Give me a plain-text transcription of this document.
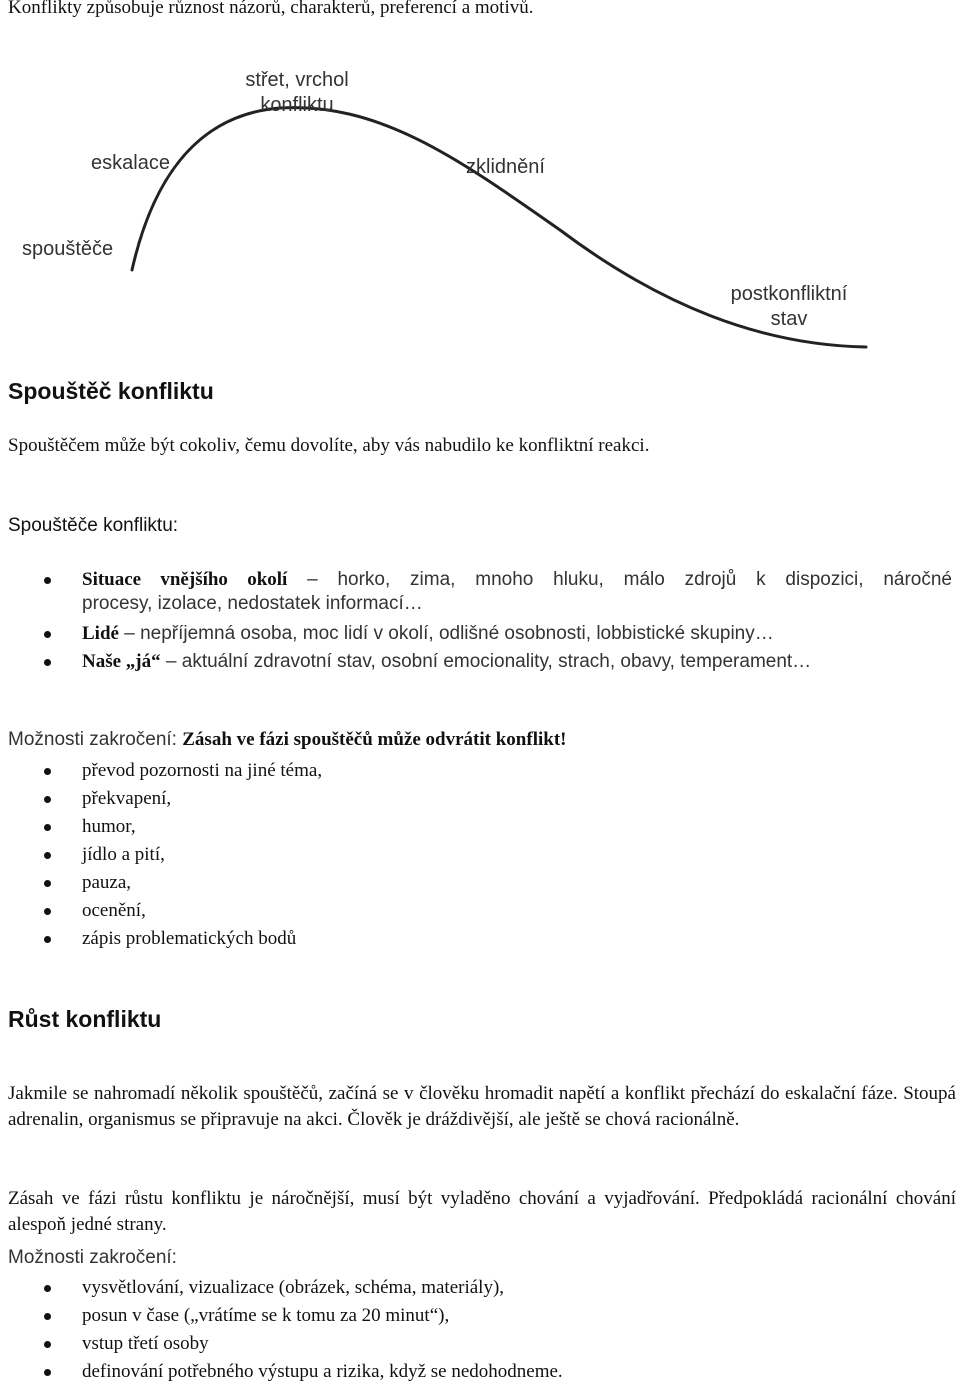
Konflikty způsobuje různost názorů, charakterů, preferencí a motivů.

střet, vrchol
konfliktu
eskalace	zklidnění
spouštěče
postkonfliktní
stav
Spouštěč konfliktu

Spouštěčem může být cokoliv, čemu dovolíte, aby vás nabudilo ke konfliktní reakci.

Spouštěče konfliktu:

Situace vnějšího okolí – horko, zima, mnoho hluku, málo zdrojů k dispozici, náročné
procesy, izolace, nedostatek informací…
Lidé – nepříjemná osoba, moc lidí v okolí, odlišné osobnosti, lobbistické skupiny…
Naše „já“ – aktuální zdravotní stav, osobní emocionality, strach, obavy, temperament…

Možnosti zakročení: Zásah ve fázi spouštěčů může odvrátit konflikt!

převod pozornosti na jiné téma,
překvapení,
humor,
jídlo a pití,
pauza,
ocenění,
zápis problematických bodů
Růst konfliktu

Jakmile se nahromadí několik spouštěčů, začíná se v člověku hromadit napětí a konflikt přechází do eskalační fáze. Stoupá adrenalin, organismus se připravuje na akci. Člověk je dráždivější, ale ještě se chová racionálně.

Zásah ve fázi růstu konfliktu je náročnější, musí být vyladěno chování a vyjadřování. Předpokládá racionální chování alespoň jedné strany.

Možnosti zakročení:

vysvětlování, vizualizace (obrázek, schéma, materiály),
posun v čase („vrátíme se k tomu za 20 minut“),
vstup třetí osoby
definování potřebného výstupu a rizika, když se nedohodneme.
